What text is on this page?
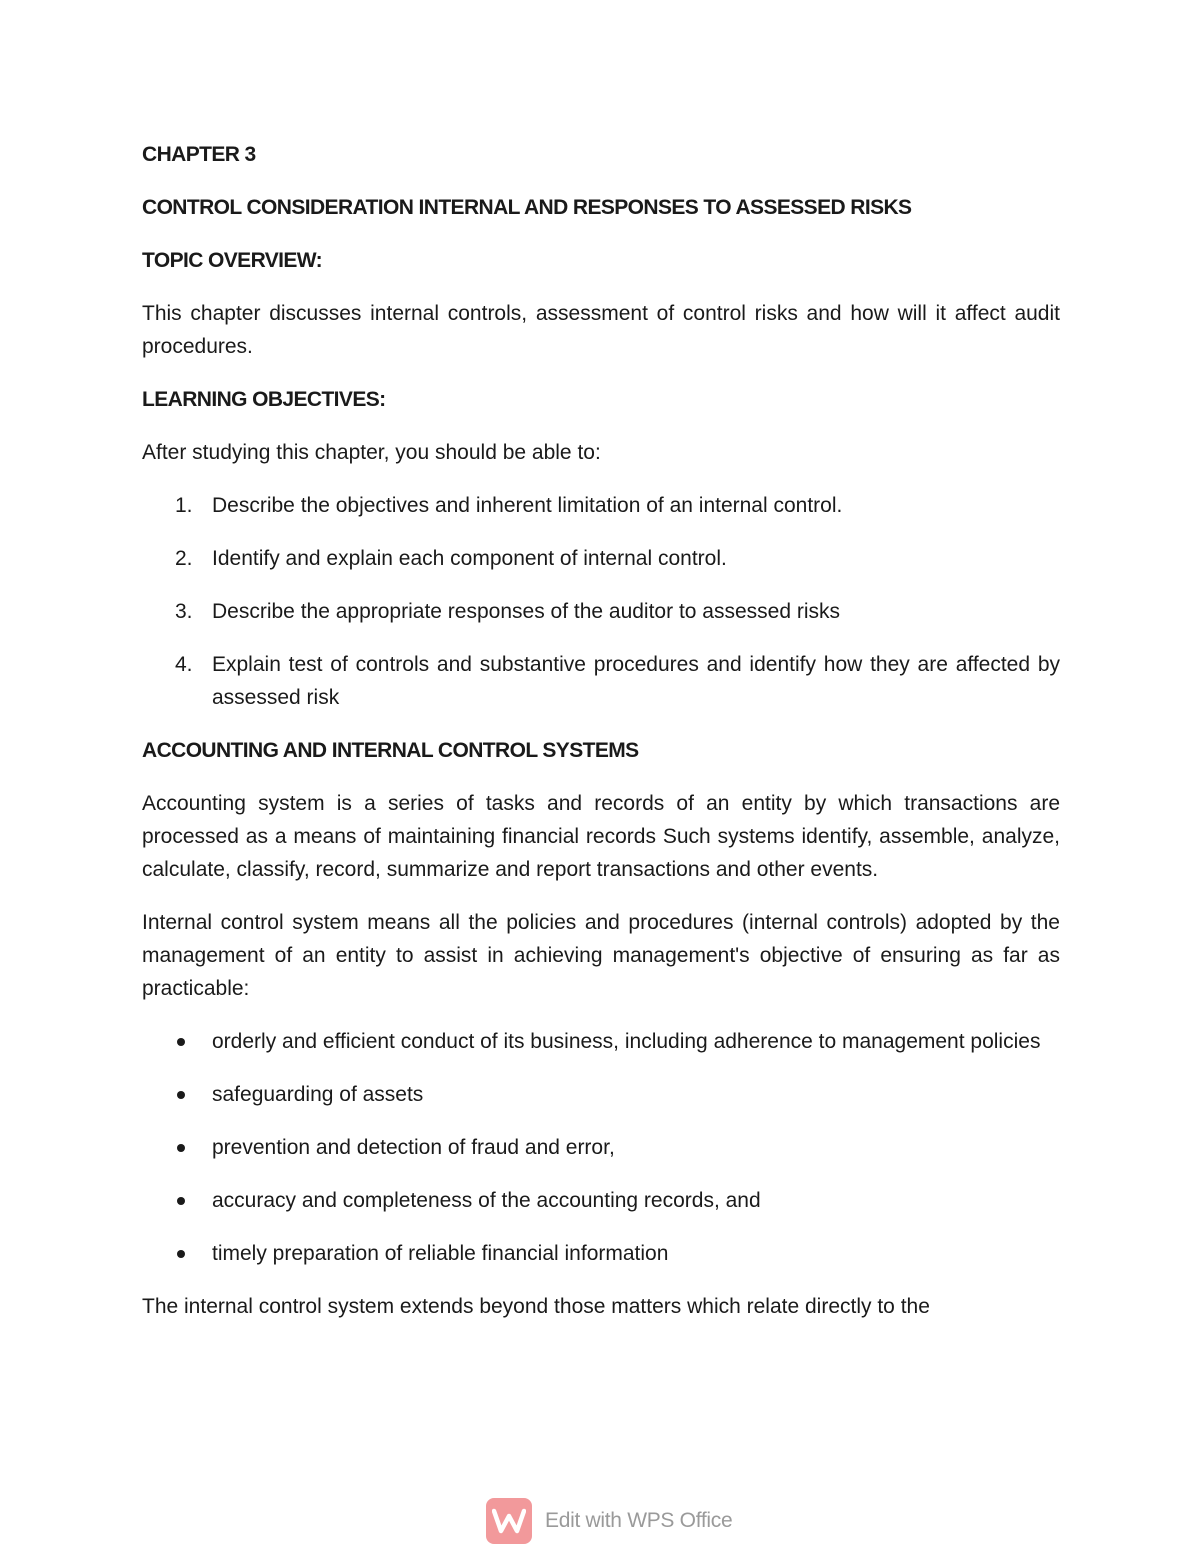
CHAPTER 3

CONTROL CONSIDERATION INTERNAL AND RESPONSES TO ASSESSED RISKS

TOPIC OVERVIEW:

This chapter discusses internal controls, assessment of control risks and how will it affect audit procedures.

LEARNING OBJECTIVES:

After studying this chapter, you should be able to:

1. Describe the objectives and inherent limitation of an internal control.
2. Identify and explain each component of internal control.
3. Describe the appropriate responses of the auditor to assessed risks
4. Explain test of controls and substantive procedures and identify how they are affected by assessed risk

ACCOUNTING AND INTERNAL CONTROL SYSTEMS

Accounting system is a series of tasks and records of an entity by which transactions are processed as a means of maintaining financial records Such systems identify, assemble, analyze, calculate, classify, record, summarize and report transactions and other events.

Internal control system means all the policies and procedures (internal controls) adopted by the management of an entity to assist in achieving management's objective of ensuring as far as practicable:

orderly and efficient conduct of its business, including adherence to management policies
safeguarding of assets
prevention and detection of fraud and error,
accuracy and completeness of the accounting records, and
timely preparation of reliable financial information

The internal control system extends beyond those matters which relate directly to the

Edit with WPS Office
